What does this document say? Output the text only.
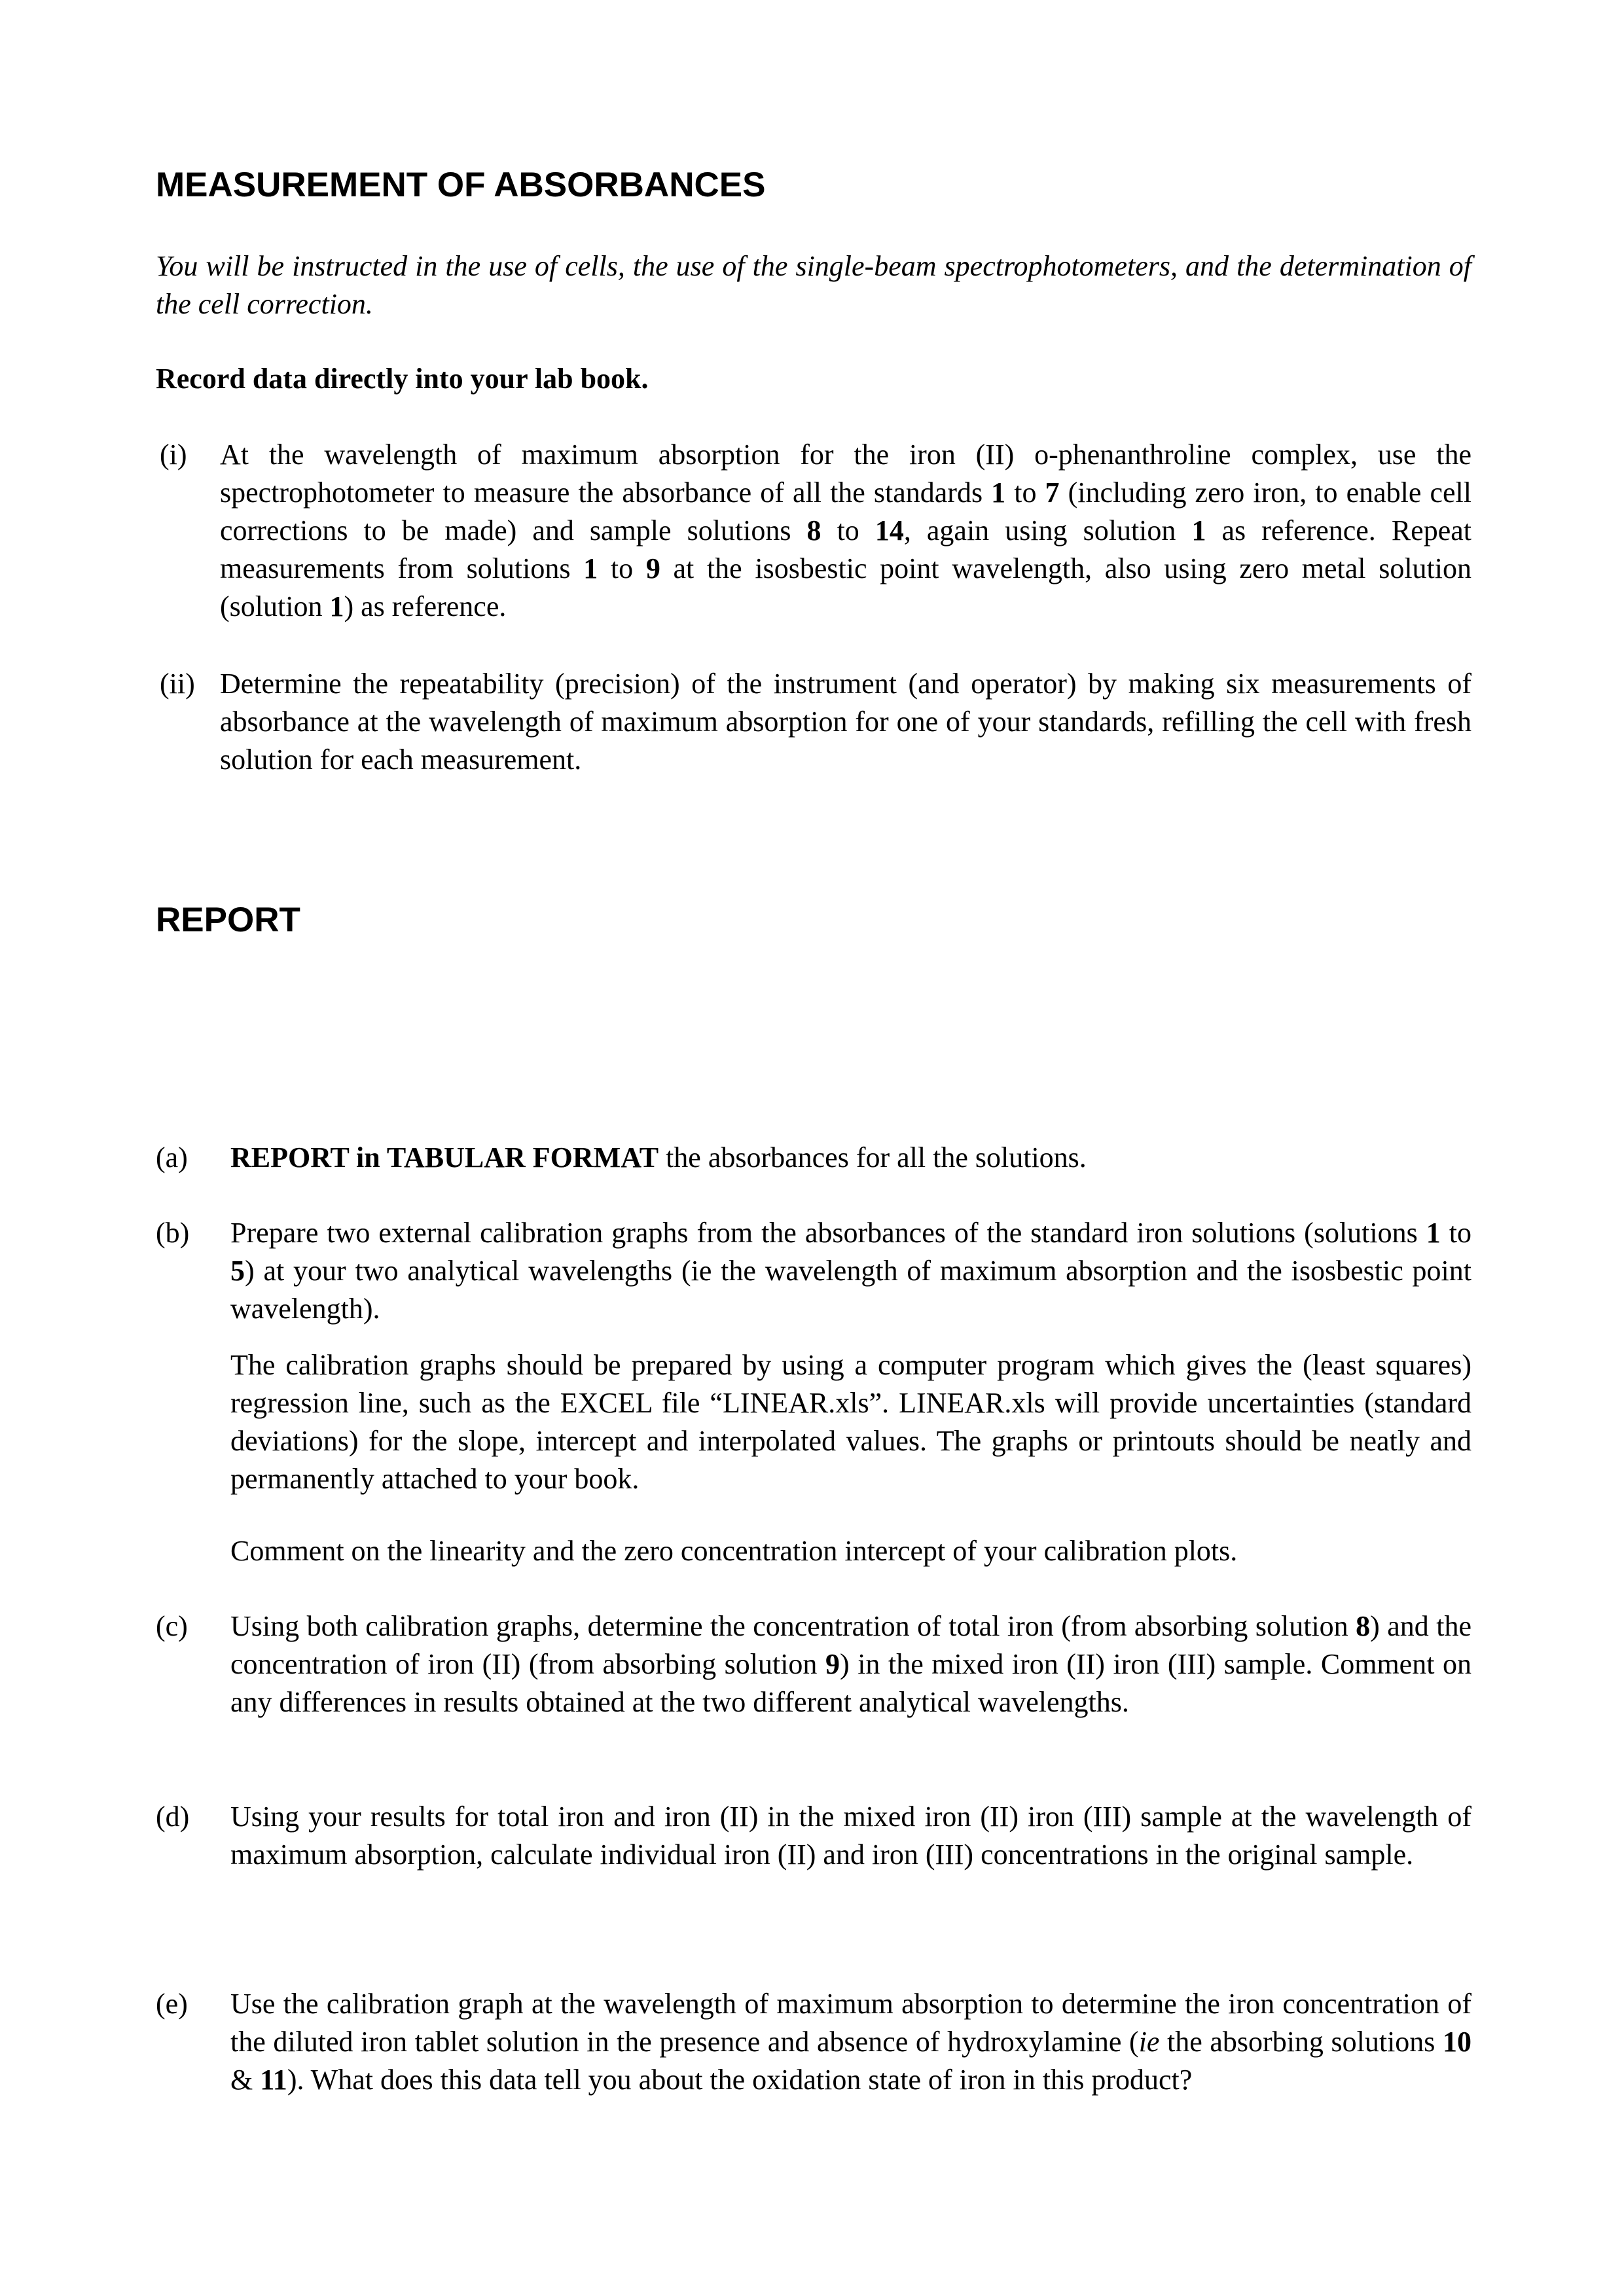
MEASUREMENT OF ABSORBANCES

You will be instructed in the use of cells, the use of the single-beam spectrophotometers, and the determination of the cell correction.

Record data directly into your lab book.

(i) At the wavelength of maximum absorption for the iron (II) o-phenanthroline complex, use the spectrophotometer to measure the absorbance of all the standards 1 to 7 (including zero iron, to enable cell corrections to be made) and sample solutions 8 to 14, again using solution 1 as reference. Repeat measurements from solutions 1 to 9 at the isosbestic point wavelength, also using zero metal solution (solution 1) as reference.
(ii) Determine the repeatability (precision) of the instrument (and operator) by making six measurements of absorbance at the wavelength of maximum absorption for one of your standards, refilling the cell with fresh solution for each measurement.
REPORT
(a) REPORT in TABULAR FORMAT the absorbances for all the solutions.

(b) Prepare two external calibration graphs from the absorbances of the standard iron solutions (solutions 1 to 5) at your two analytical wavelengths (ie the wavelength of maximum absorption and the isosbestic point wavelength).

The calibration graphs should be prepared by using a computer program which gives the (least squares) regression line, such as the EXCEL file “LINEAR.xls”. LINEAR.xls will provide uncertainties (standard deviations) for the slope, intercept and interpolated values. The graphs or printouts should be neatly and permanently attached to your book.

Comment on the linearity and the zero concentration intercept of your calibration plots.

(c) Using both calibration graphs, determine the concentration of total iron (from absorbing solution 8) and the concentration of iron (II) (from absorbing solution 9) in the mixed iron (II) iron (III) sample. Comment on any differences in results obtained at the two different analytical wavelengths.

(d) Using your results for total iron and iron (II) in the mixed iron (II) iron (III) sample at the wavelength of maximum absorption, calculate individual iron (II) and iron (III) concentrations in the original sample.

(e) Use the calibration graph at the wavelength of maximum absorption to determine the iron concentration of the diluted iron tablet solution in the presence and absence of hydroxylamine (ie the absorbing solutions 10 & 11). What does this data tell you about the oxidation state of iron in this product?
